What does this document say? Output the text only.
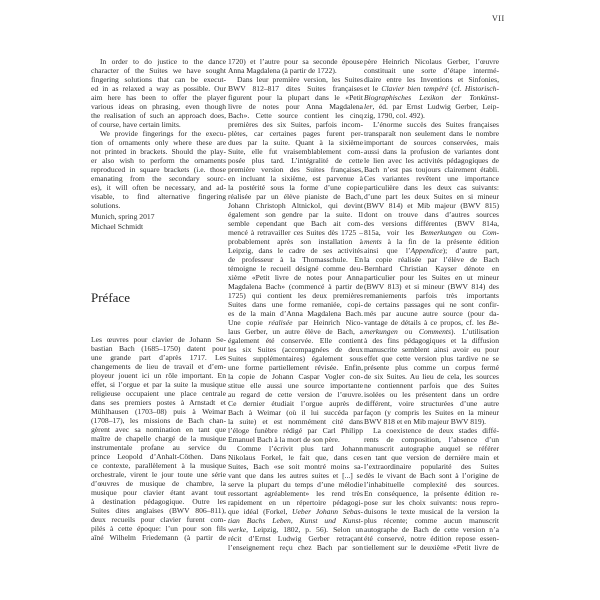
VII
In order to do justice to the dance
character of the Suites we have sought
fingering solutions that can be execut-
ed in as relaxed a way as possible. Our
aim here has been to offer the player
various ideas on phrasing, even though
the realisation of such an approach does,
of course, have certain limits.
We provide fingerings for the execu-
tion of ornaments only where these are
not printed in brackets. Should the play-
er also wish to perform the ornaments
reproduced in square brackets (i.e. those
emanating from the secondary sourc-
es), it will often be necessary, and ad-
visable, to find alternative fingering
solutions.
Munich, spring 2017
Michael Schmidt
Préface
Les œuvres pour clavier de Johann Se-
bastian Bach (1685–1750) datent pour
une grande part d’après 1717. Les
changements de lieu de travail et d’em-
ployeur jouent ici un rôle important. En
effet, si l’orgue et par la suite la musique
religieuse occupaient une place centrale
dans ses premiers postes à Arnstadt et
Mühlhausen (1703–08) puis à Weimar
(1708–17), les missions de Bach chan-
gèrent avec sa nomination en tant que
maître de chapelle chargé de la musique
instrumentale profane au service du
prince Leopold d’Anhalt-Cöthen. Dans
ce contexte, parallèlement à la musique
orchestrale, virent le jour toute une série
d’œuvres de musique de chambre, la
musique pour clavier étant avant tout
à destination pédagogique. Outre les
Suites dites anglaises (BWV 806–811),
deux recueils pour clavier furent com-
pilés à cette époque: l’un pour son fils
aîné Wilhelm Friedemann (à partir de
1720) et l’autre pour sa seconde épouse
Anna Magdalena (à partir de 1722).
Dans leur première version, les Suites
BWV 812–817 dites Suites françaises
figurent pour la plupart dans le «Petit
livre de notes pour Anna Magdalena
Bach». Cette source contient les cinq
premières des six Suites, parfois incom-
plètes, car certaines pages furent per-
dues par la suite. Quant à la sixième
Suite, elle fut vraisemblablement com-
posée plus tard. L’intégralité de cette
première version des Suites françaises,
en incluant la sixième, est parvenue à
la postérité sous la forme d’une copie
réalisée par un élève pianiste de Bach,
Johann Christoph Altnickol, qui devint
également son gendre par la suite. Il
semble cependant que Bach ait com-
mencé à retravailler ces Suites dès 1725 –
probablement après son installation à
Leipzig, dans le cadre de ses activités
de professeur à la Thomasschule. En
témoigne le recueil désigné comme deu-
xième «Petit livre de notes pour Anna
Magdalena Bach» (commencé à partir de
1725) qui contient les deux premières
Suites dans une forme remaniée, copi-
es de la main d’Anna Magdalena Bach.
Une copie réalisée par Heinrich Nico-
laus Gerber, un autre élève de Bach, a
également été conservée. Elle contient
les six Suites (accompagnées de deux
Suites supplémentaires) également sous
une forme partiellement révisée. Enfin,
la copie de Johann Caspar Vogler con-
stitue elle aussi une source importante
au regard de cette version de l’œuvre.
Ce dernier étudiait l’orgue auprès de
Bach à Weimar (où il lui succéda par
la suite) et est nommément cité dans
l’éloge funèbre rédigé par Carl Philipp
Emanuel Bach à la mort de son père.
Comme l’écrivit plus tard Johann
Nikolaus Forkel, le fait que, dans ces
Suites, Bach «se soit montré moins sa-
vant que dans les autres suites et [...] se
serve la plupart du temps d’une mélodie
ressortant agréablement» les rend très
rapidement en un répertoire pédagogi-
que idéal (Forkel, Ueber Johann Sebas-
tian Bachs Leben, Kunst und Kunst-
werke, Leipzig, 1802, p. 56). Selon un
récit d’Ernst Ludwig Gerber retraçant
l’enseignement reçu chez Bach par son
père Heinrich Nicolaus Gerber, l’œuvre
constituait une sorte d’étape intermé-
diaire entre les Inventions et Sinfonies,
et le Clavier bien tempéré (cf. Historisch-
Biographisches Lexikon der Tonkünst-
ler, éd. par Ernst Ludwig Gerber, Leip-
zig, 1790, col. 492).
L’énorme succès des Suites françaises
transparaît non seulement dans le nombre
important de sources conservées, mais
aussi dans la profusion de variantes dont
le lien avec les activités pédagogiques de
Bach n’est pas toujours clairement établi.
Ces variantes revêtent une importance
particulière dans les deux cas suivants:
d’une part les deux Suites en si mineur
(BWV 814) et Mib majeur (BWV 815)
dont on trouve dans d’autres sources
des versions différentes (BWV 814a,
815a, voir les Bemerkungen ou Com-
ments à la fin de la présente édition
ainsi que l’Appendice); d’autre part,
la copie réalisée par l’élève de Bach
Bernhard Christian Kayser dénote en
particulier pour les Suites en ut mineur
(BWV 813) et si mineur (BWV 814) des
remaniements parfois très importants
de certains passages qui ne sont confir-
més par aucune autre source (pour da-
vantage de détails à ce propos, cf. les Be-
merkungen ou Comments). L’utilisation
à des fins pédagogiques et la diffusion
manuscrite semblent ainsi avoir eu pour
effet que cette version plus tardive ne se
présente plus comme un corpus fermé
de six Suites. Au lieu de cela, les sources
ne contiennent parfois que des Suites
isolées ou les présentent dans un ordre
différent, voire structurées d’une autre
façon (y compris les Suites en la mineur
BWV 818 et en Mib majeur BWV 819).
La coexistence de deux stades diffé-
rents de composition, l’absence d’un
manuscrit autographe auquel se référer
en tant que version de dernière main et
l’extraordinaire popularité des Suites
dès le vivant de Bach sont à l’origine de
l’inhabituelle complexité des sources.
En conséquence, la présente édition re-
pose sur les choix suivants: nous repro-
duisons le texte musical de la version la
plus récente; comme aucun manuscrit
autographe de Bach de cette version n’a
été conservé, notre édition repose essen-
tiellement sur le deuxième «Petit livre de
